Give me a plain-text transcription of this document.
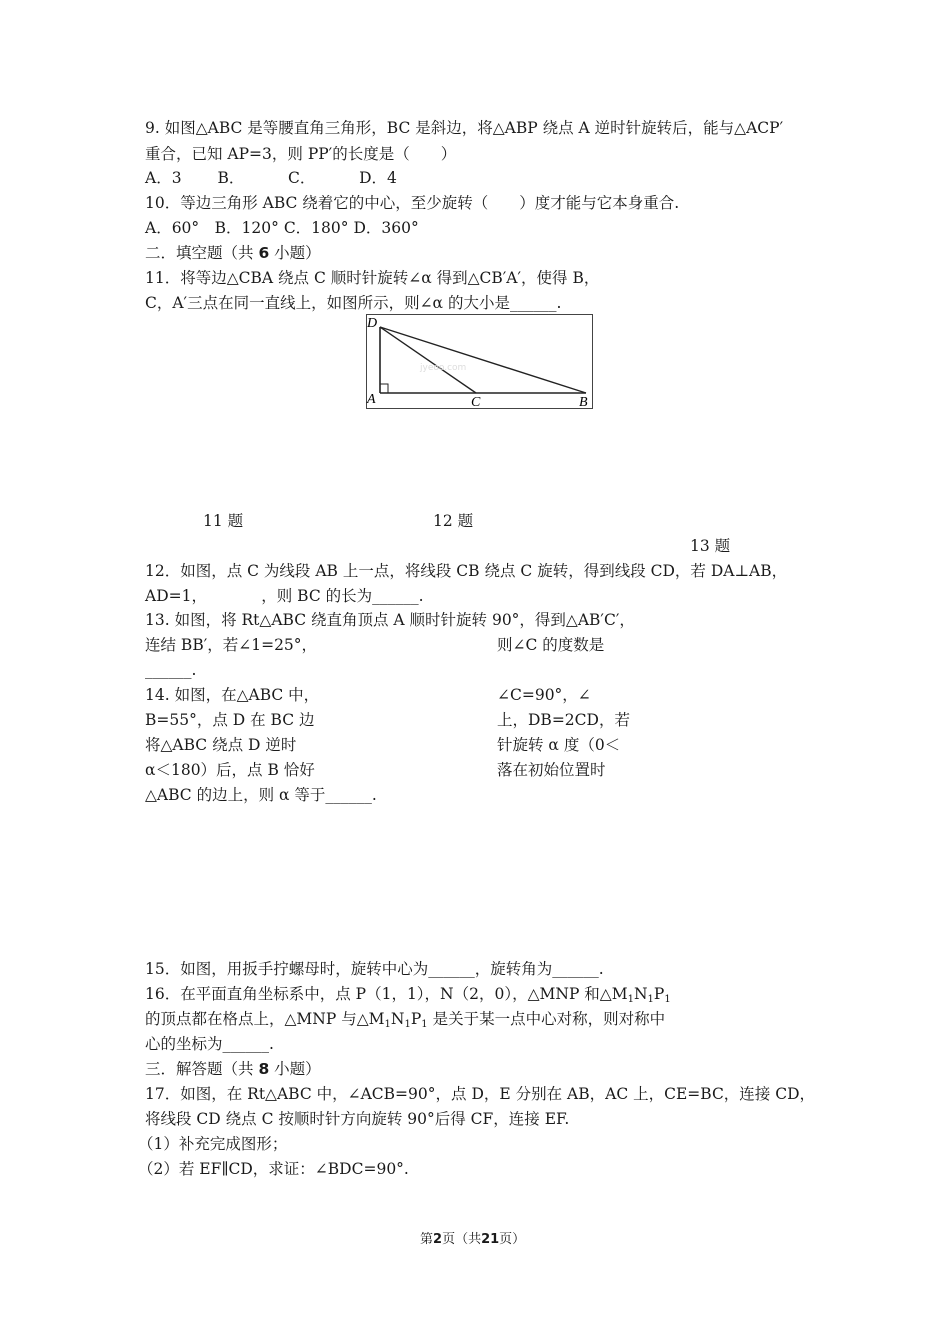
9. 如图△ABC 是等腰直角三角形，BC 是斜边，将△ABP 绕点 A 逆时针旋转后，能与△ACP′
重合，已知 AP=3，则 PP′的长度是（　　）
A．3　　 B．　　　 C．　　　 D．4
10．等边三角形 ABC 绕着它的中心，至少旋转（　　）度才能与它本身重合.
A．60°　B．120° C．180° D．360°
二．填空题（共 6 小题）
11．将等边△CBA 绕点 C 顺时针旋转∠α 得到△CB′A′，使得 B，
C，A′三点在同一直线上，如图所示，则∠α 的大小是______.
jyeoo.com
D
A	C	B
11 题	12 题
13 题
12．如图，点 C 为线段 AB 上一点，将线段 CB 绕点 C 旋转，得到线段 CD，若 DA⊥AB，
AD=1，　　　　，则 BC 的长为______.
13. 如图，将 Rt△ABC 绕直角顶点 A 顺时针旋转 90°，得到△AB′C′，
连结 BB′，若∠1=25°，	则∠C 的度数是
______.
14. 如图，在△ABC 中，
B=55°，点 D 在 BC 边
将△ABC 绕点 D 逆时
α＜180）后，点 B 恰好
△ABC 的边上，则 α 等于______.
∠C=90°，∠
上，DB=2CD，若
针旋转 α 度（0＜
落在初始位置时
15．如图，用扳手拧螺母时，旋转中心为______，旋转角为______.
16．在平面直角坐标系中，点 P（1，1），N（2，0），△MNP 和$\triangle M_1N_1P_1$
的顶点都在格点上，△MNP 与$\triangle M_1N_1P_1$ 是关于某一点中心对称，则对称中
心的坐标为______.
三．解答题（共 8 小题）
17．如图，在 Rt△ABC 中，∠ACB=90°，点 D，E 分别在 AB，AC 上，CE=BC，连接 CD，
将线段 CD 绕点 C 按顺时针方向旋转 90°后得 CF，连接 EF.
（1）补充完成图形；
（2）若 EF∥CD，求证：∠BDC=90°.
第2页（共21页）
